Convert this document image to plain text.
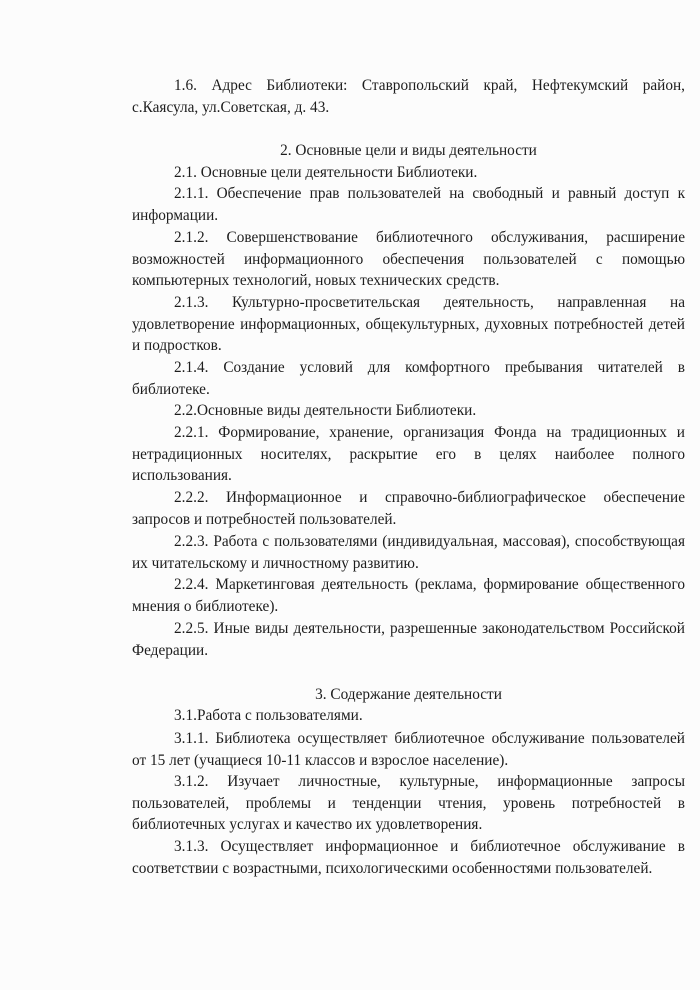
1.6. Адрес Библиотеки: Ставропольский край, Нефтекумский район, с.Каясула, ул.Советская, д. 43.

2. Основные цели и виды деятельности

2.1. Основные цели деятельности Библиотеки.

2.1.1. Обеспечение прав пользователей на свободный и равный доступ к информации.

2.1.2. Совершенствование библиотечного обслуживания, расширение возможностей информационного обеспечения пользователей с помощью компьютерных технологий, новых технических средств.

2.1.3. Культурно-просветительская деятельность, направленная на удовлетворение информационных, общекультурных, духовных потребностей детей и подростков.

2.1.4. Создание условий для комфортного пребывания читателей в библиотеке.

2.2.Основные виды деятельности Библиотеки.

2.2.1. Формирование, хранение, организация Фонда на традиционных и нетрадиционных носителях, раскрытие его в целях наиболее полного использования.

2.2.2. Информационное и справочно-библиографическое обеспечение запросов и потребностей пользователей.

2.2.3. Работа с пользователями (индивидуальная, массовая), способствующая их читательскому и личностному развитию.

2.2.4. Маркетинговая деятельность (реклама, формирование общественного мнения о библиотеке).

2.2.5. Иные виды деятельности, разрешенные законодательством Российской Федерации.

3. Содержание деятельности

3.1.Работа с пользователями.

3.1.1. Библиотека осуществляет библиотечное обслуживание пользователей от 15 лет (учащиеся 10-11 классов и взрослое население).

3.1.2. Изучает личностные, культурные, информационные запросы пользователей, проблемы и тенденции чтения, уровень потребностей в библиотечных услугах и качество их удовлетворения.

3.1.3. Осуществляет информационное и библиотечное обслуживание в соответствии с возрастными, психологическими особенностями пользователей.
